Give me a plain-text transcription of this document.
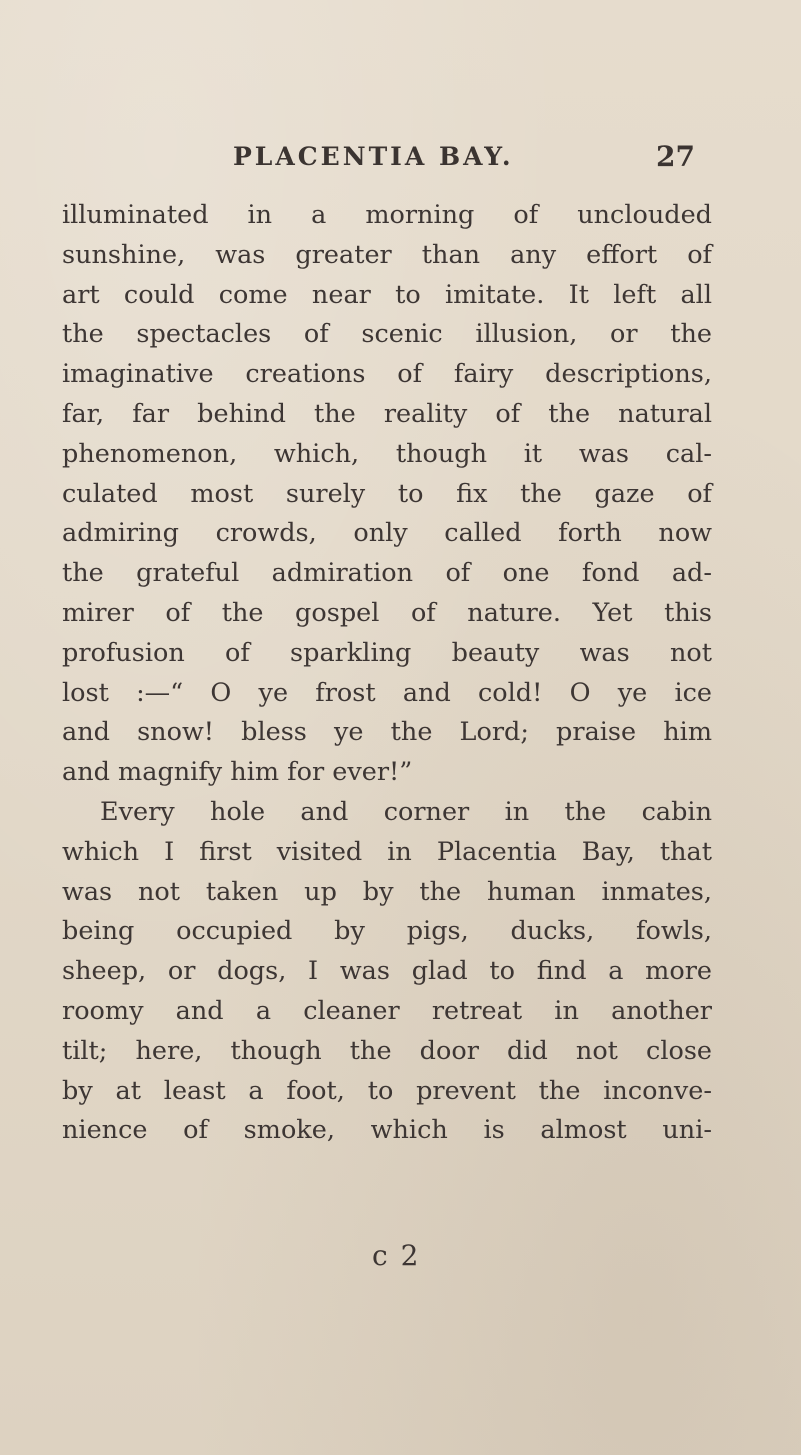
PLACENTIA BAY.	27
illuminated in a morning of unclouded
sunshine, was greater than any effort of
art could come near to imitate. It left all
the spectacles of scenic illusion, or the
imaginative creations of fairy descriptions,
far, far behind the reality of the natural
phenomenon, which, though it was cal-
culated most surely to fix the gaze of
admiring crowds, only called forth now
the grateful admiration of one fond ad-
mirer of the gospel of nature. Yet this
profusion of sparkling beauty was not
lost :—“ O ye frost and cold! O ye ice
and snow! bless ye the Lord; praise him
and magnify him for ever!”
Every hole and corner in the cabin
which I first visited in Placentia Bay, that
was not taken up by the human inmates,
being occupied by pigs, ducks, fowls,
sheep, or dogs, I was glad to find a more
roomy and a cleaner retreat in another
tilt; here, though the door did not close
by at least a foot, to prevent the inconve-
nience of smoke, which is almost uni-
c 2
